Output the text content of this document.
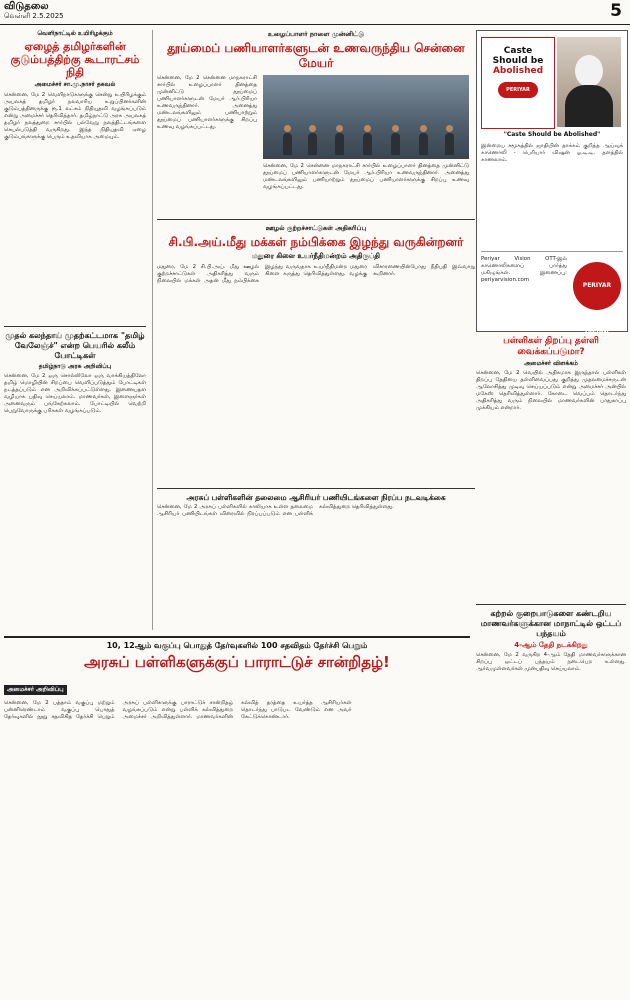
விடுதலை
வெள்ளி 2.5.2025	5
வெளிநாட்டில் உயிரிழக்கும்
ஏழைத் தமிழர்களின் குடும்பத்திற்கு கூடாரட்சம் நிதி
அமைச்சர் சா.மு.நாசர் தகவல்
சென்னை, மே 2 வெளிநாடுகளுக்கு சென்று உயிரிழக்கும் அயலகத் தமிழர் நலவாரிய உறுப்பினர்களின் குடும்பத்தினருக்கு ரூ.1 லட்சம் நிதியுதவி வழங்கப்படும் என்று அமைச்சர் தெரிவித்தார். தமிழ்நாட்டு அரசு அயலகத் தமிழர் நலத்துறை சார்பில் பல்வேறு நலத்திட்டங்களை செயல்படுத்தி வருகிறது. இந்த நிதியுதவி ஏழை குடும்பங்களுக்கு பெரும் உதவியாக அமையும்.
முதல் கலந்தாய் முதற்கட்டமாக "தமிழ் வேலேஞ்ச்" என்ற பெயரில் கலீம் போட்டிகள்
தமிழ்நாடு அரசு அறிவிப்பு
சென்னை, மே 2 ஒரு சொல்லிலோ ஒரு வாக்கியத்திலோ தமிழ் மொழியின் சிறப்பை வெளிப்படுத்தும் போட்டிகள் நடத்தப்படும் என அறிவிக்கப்பட்டுள்ளது. இணையதள வழியாக பதிவு செய்யலாம். மாணவர்கள், இளைஞர்கள் அனைவரும் பங்கேற்கலாம். போட்டியில் வெற்றி பெறுவோருக்கு பரிசுகள் வழங்கப்படும்.
உழைப்பாளர் நாளை முன்னிட்டு
தூய்மைப் பணியாளர்களுடன் உணவருந்திய சென்னை மேயர்
சென்னை, மே 2 சென்னை மாநகராட்சி சார்பில் உழைப்பாளர் தினத்தை முன்னிட்டு தூய்மைப் பணியாளர்களுடன் மேயர் ஆர்.பிரியா உணவருந்தினார். அனைத்து மண்டலங்களிலும் பணியாற்றும் தூய்மைப் பணியாளர்களுக்கு சிறப்பு உணவு வழங்கப்பட்டது.
சென்னை, மே 2 சென்னை மாநகராட்சி சார்பில் உழைப்பாளர் தினத்தை முன்னிட்டு தூய்மைப் பணியாளர்களுடன் மேயர் ஆர்.பிரியா உணவருந்தினார். அனைத்து மண்டலங்களிலும் பணியாற்றும் தூய்மைப் பணியாளர்களுக்கு சிறப்பு உணவு வழங்கப்பட்டது.
ஊழல் குற்றச்சாட்டுகள் அதிகரிப்பு
சி.பி.அய்.மீது மக்கள் நம்பிக்கை இழந்து வருகின்றனர்
மதுரை கிளை உயர்நீதிமன்றம் அதிருப்தி
மதுரை, மே 2 சி.பி.அய். மீது ஊழல் குற்றச்சாட்டுகள் அதிகரித்து வரும் நிலையில் மக்கள் அதன் மீது நம்பிக்கை இழந்து வருவதாக உயர்நீதிமன்ற மதுரை கிளை கருத்து தெரிவித்துள்ளது. வழக்கு விசாரணையின்போது நீதிபதி இவ்வாறு கூறினார்.
அரசுப் பள்ளிகளின் தலைமை ஆசிரியர் பணியிடங்களை நிரப்ப நடவடிக்கை
சென்னை, மே 2 அரசுப் பள்ளிகளில் காலியாக உள்ள தலைமை ஆசிரியர் பணியிடங்கள் விரைவில் நிரப்பப்படும் என பள்ளிக் கல்வித்துறை தெரிவித்துள்ளது.
Caste
Should be
Abolished
PERIYAR VISION
"Caste Should be Abolished"
இன்றைய சமூகத்தில் ஜாதியின் தாக்கம் குறித்த ஆய்வுக் காணொலி - பெரியார் விஷன் ஓ.டி.டி. தளத்தில் காணலாம்.
Periyar Vision OTT-இல் காணொலிகளைப் பார்த்து மகிழுங்கள். இணைப்பு: periyarvision.com
PERIYAR VISION
பள்ளிகள் திறப்பு தள்ளி வைக்கப்படுமா?
அமைச்சர் விளக்கம்
சென்னை, மே 2 வெயில் அதிகமாக இருந்தால் பள்ளிகள் திறப்பு தேதியை தள்ளிவைப்பது குறித்து முதலமைச்சருடன் ஆலோசித்து முடிவு செய்யப்படும் என்று அமைச்சர் அன்பில் மகேஸ் தெரிவித்துள்ளார். கோடை வெப்பம் தொடர்ந்து அதிகரித்து வரும் நிலையில் மாணவர்களின் பாதுகாப்பு முக்கியம் என்றார்.
கற்றல் குறைபாடுகளை கண்டறிய மாணவர்களுக்கான மாநாட்டில் ஒட்டப் பந்தயம்
4-ஆம் தேதி நடக்கிறது
சென்னை, மே 2 வருகிற 4-ஆம் தேதி மாணவர்களுக்கான சிறப்பு ஒட்டப் பந்தயம் நடைபெற உள்ளது. ஆர்வமுள்ளவர்கள் முன்பதிவு செய்யலாம்.
10, 12ஆம் வகுப்பு பொதுத் தேர்வுகளில் 100 சதவிதம் தேர்ச்சி பெறும்
அரசுப் பள்ளிகளுக்குப் பாராட்டுச் சான்றிதழ்!
அமைச்சர் அறிவிப்பு
சென்னை, மே 2 பத்தாம் வகுப்பு மற்றும் பன்னிரெண்டாம் வகுப்பு பொதுத் தேர்வுகளில் நூறு சதவிகித தேர்ச்சி பெறும் அரசுப் பள்ளிகளுக்கு பாராட்டுச் சான்றிதழ் வழங்கப்படும் என்று பள்ளிக் கல்வித்துறை அமைச்சர் அறிவித்துள்ளார். மாணவர்களின் கல்வித் தரத்தை உயர்த்த ஆசிரியர்கள் தொடர்ந்து பாடுபட வேண்டும் என அவர் கேட்டுக்கொண்டார்.
